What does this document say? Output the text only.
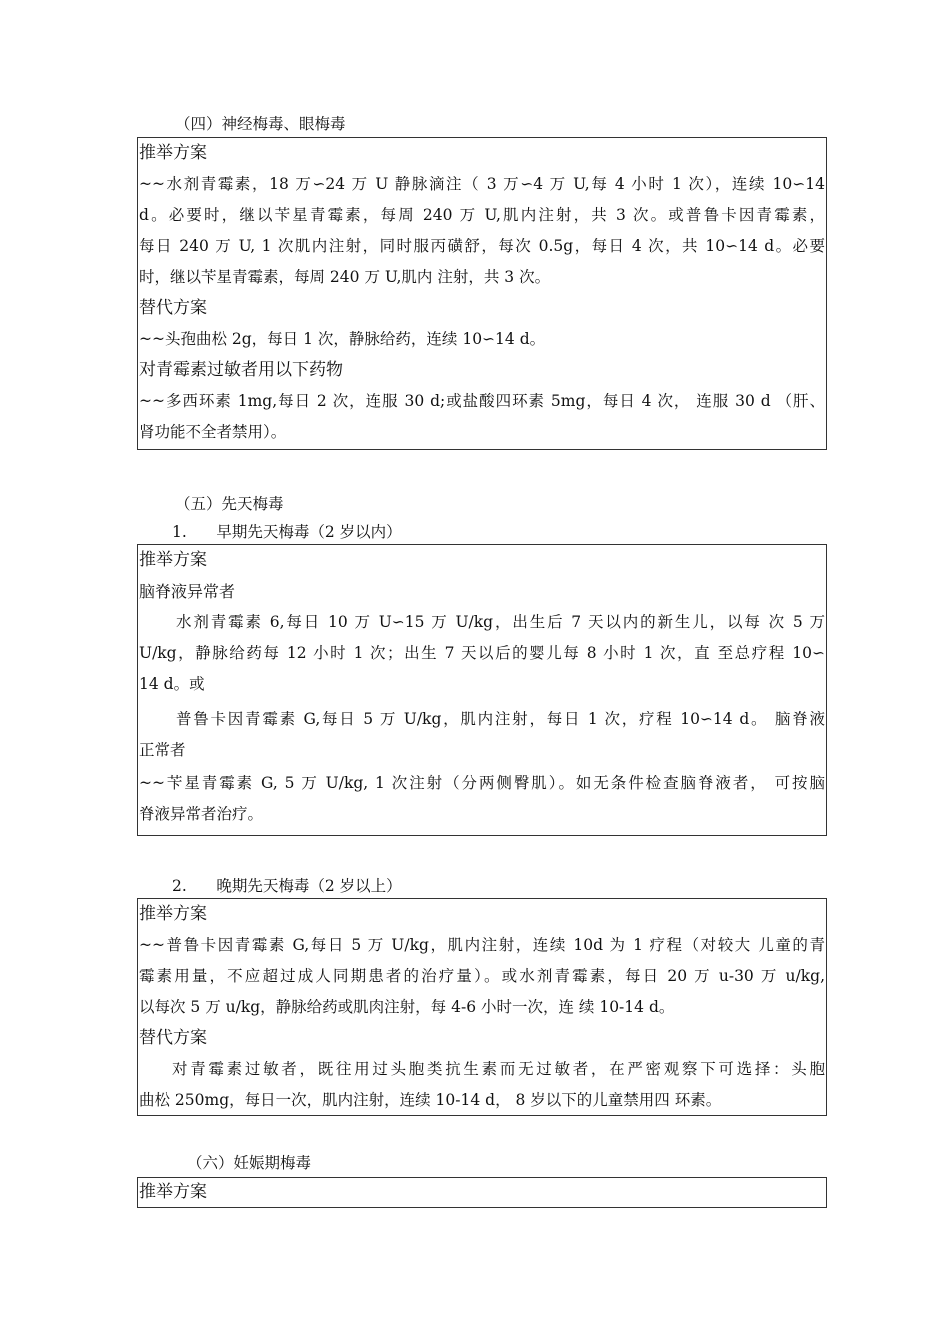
（四）神经梅毒、眼梅毒
推举方案
~~水剂青霉素，18 万∽24 万 U 静脉滴注（ 3 万∽4 万 U,每 4 小时 1 次），连续 10∽14
d。必要时，继以苄星青霉素，每周 240 万 U,肌内注射，共 3 次。或普鲁卡因青霉素，
每日 240 万 U, 1 次肌内注射，同时服丙磺舒，每次 0.5g，每日 4 次，共 10∽14 d。必要
时，继以苄星青霉素，每周 240 万 U,肌内 注射，共 3 次。
替代方案
~~头孢曲松 2g，每日 1 次，静脉给药，连续 10∽14 d。
对青霉素过敏者用以下药物
~~多西环素 1mg,每日 2 次，连服 30 d;或盐酸四环素 5mg，每日 4 次， 连服 30 d （肝、
肾功能不全者禁用）。
（五）先天梅毒
1.      早期先天梅毒（2 岁以内）
推举方案
脑脊液异常者
水剂青霉素 6,每日 10 万 U∽15 万 U/kg，出生后 7 天以内的新生儿，以每 次 5 万
U/kg，静脉给药每 12 小时 1 次；出生 7 天以后的婴儿每 8 小时 1 次，直 至总疗程 10∽
14 d。或
普鲁卡因青霉素 G,每日 5 万 U/kg，肌内注射，每日 1 次，疗程 10∽14 d。 脑脊液
正常者
~~苄星青霉素 G, 5 万 U/kg, 1 次注射（分两侧臀肌）。如无条件检查脑脊液者， 可按脑
脊液异常者治疗。
2.      晚期先天梅毒（2 岁以上）
推举方案
~~普鲁卡因青霉素 G,每日 5 万 U/kg，肌内注射，连续 10d 为 1 疗程（对较大 儿童的青
霉素用量，不应超过成人同期患者的治疗量）。或水剂青霉素，每日 20 万 u-30 万 u/kg,
以每次 5 万 u/kg，静脉给药或肌肉注射，每 4-6 小时一次，连 续 10-14 d。
替代方案
对青霉素过敏者，既往用过头胞类抗生素而无过敏者，在严密观察下可选择：头胞
曲松 250mg，每日一次，肌内注射，连续 10-14 d， 8 岁以下的儿童禁用四 环素。
（六）妊娠期梅毒
推举方案
